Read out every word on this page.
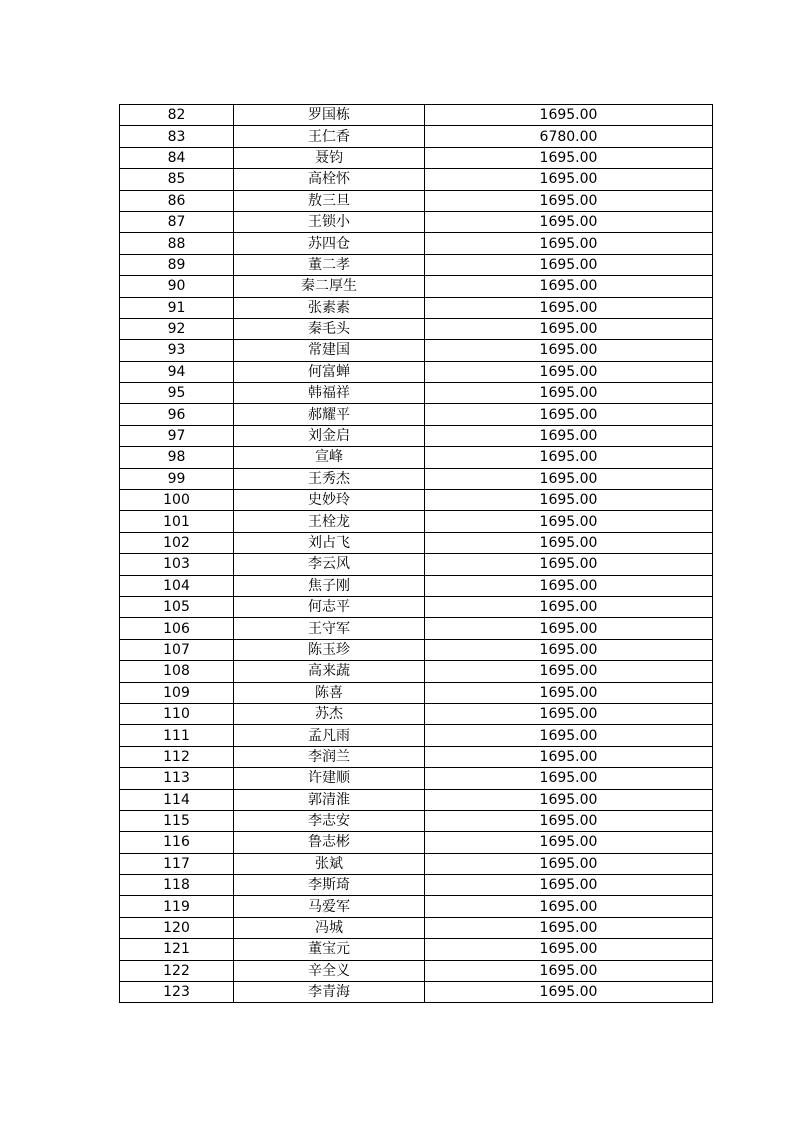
82	罗国栋	1695.00
83	王仁香	6780.00
84	聂钧	1695.00
85	高栓怀	1695.00
86	敖三旦	1695.00
87	王锁小	1695.00
88	苏四仓	1695.00
89	董二孝	1695.00
90	秦二厚生	1695.00
91	张素素	1695.00
92	秦毛头	1695.00
93	常建国	1695.00
94	何富蝉	1695.00
95	韩福祥	1695.00
96	郝耀平	1695.00
97	刘金启	1695.00
98	宣峰	1695.00
99	王秀杰	1695.00
100	史妙玲	1695.00
101	王栓龙	1695.00
102	刘占飞	1695.00
103	李云风	1695.00
104	焦子刚	1695.00
105	何志平	1695.00
106	王守军	1695.00
107	陈玉珍	1695.00
108	高来蔬	1695.00
109	陈喜	1695.00
110	苏杰	1695.00
111	孟凡雨	1695.00
112	李润兰	1695.00
113	许建顺	1695.00
114	郭清淮	1695.00
115	李志安	1695.00
116	鲁志彬	1695.00
117	张斌	1695.00
118	李斯琦	1695.00
119	马爱军	1695.00
120	冯城	1695.00
121	董宝元	1695.00
122	辛全义	1695.00
123	李青海	1695.00
